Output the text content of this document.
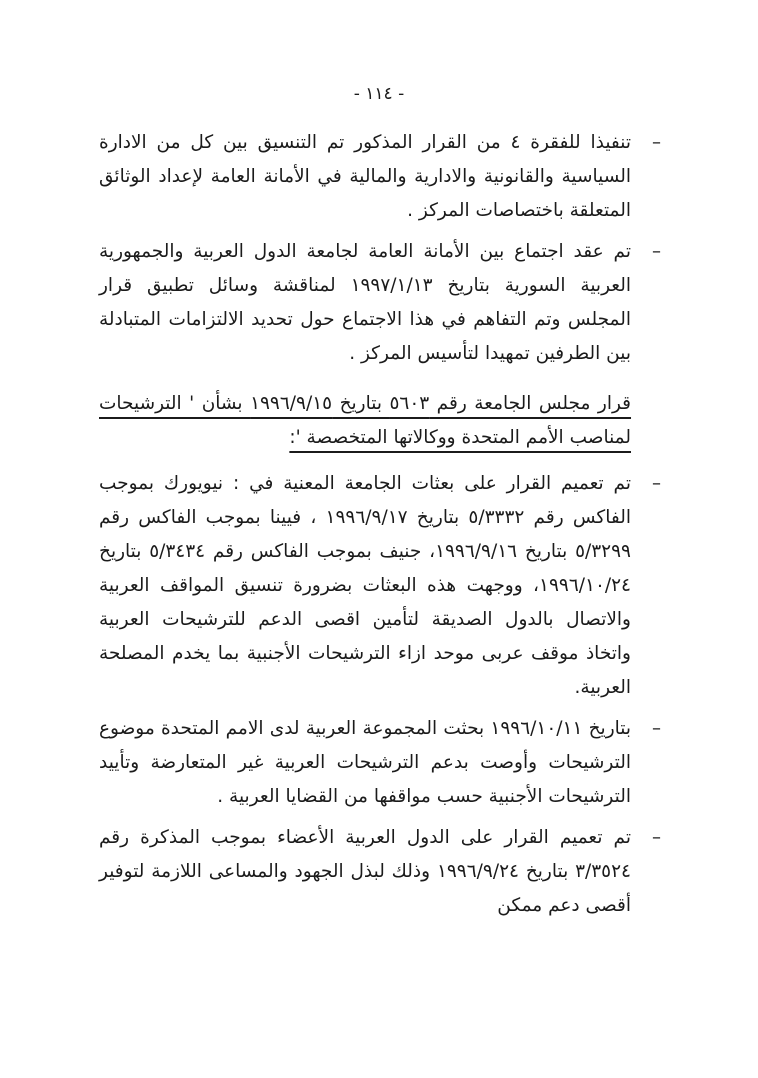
- ١١٤ -
–

تنفيذا للفقرة ٤ من القرار المذكور تم التنسيق بين كل من الادارة السياسية والقانونية والادارية والمالية في الأمانة العامة لإعداد الوثائق المتعلقة باختصاصات المركز .

–

تم عقد اجتماع بين الأمانة العامة لجامعة الدول العربية والجمهورية العربية السورية بتاريخ ١٩٩٧/١/١٣ لمناقشة وسائل تطبيق قرار المجلس وتم التفاهم في هذا الاجتماع حول تحديد الالتزامات المتبادلة بين الطرفين تمهيدا لتأسيس المركز .

قرار مجلس الجامعة رقم ٥٦٠٣ بتاريخ ١٩٩٦/٩/١٥ بشأن ' الترشيحات
لمناصب الأمم المتحدة ووكالاتها المتخصصة ':
–

تم تعميم القرار على بعثات الجامعة المعنية في : نيويورك بموجب الفاكس رقم ٥/٣٣٣٢ بتاريخ ١٩٩٦/٩/١٧ ، فيينا بموجب الفاكس رقم ٥/٣٢٩٩ بتاريخ ١٩٩٦/٩/١٦، جنيف بموجب الفاكس رقم ٥/٣٤٣٤ بتاريخ ١٩٩٦/١٠/٢٤، ووجهت هذه البعثات بضرورة تنسيق المواقف العربية والاتصال بالدول الصديقة لتأمين اقصى الدعم للترشيحات العربية واتخاذ موقف عربى موحد ازاء الترشيحات الأجنبية بما يخدم المصلحة العربية.

–

بتاريخ ١٩٩٦/١٠/١١ بحثت المجموعة العربية لدى الامم المتحدة موضوع الترشيحات وأوصت بدعم الترشيحات العربية غير المتعارضة وتأييد الترشيحات الأجنبية حسب مواقفها من القضايا العربية .

–

تم تعميم القرار على الدول العربية الأعضاء بموجب المذكرة رقم ٣/٣٥٢٤ بتاريخ ١٩٩٦/٩/٢٤ وذلك لبذل الجهود والمساعى اللازمة لتوفير أقصى دعم ممكن
